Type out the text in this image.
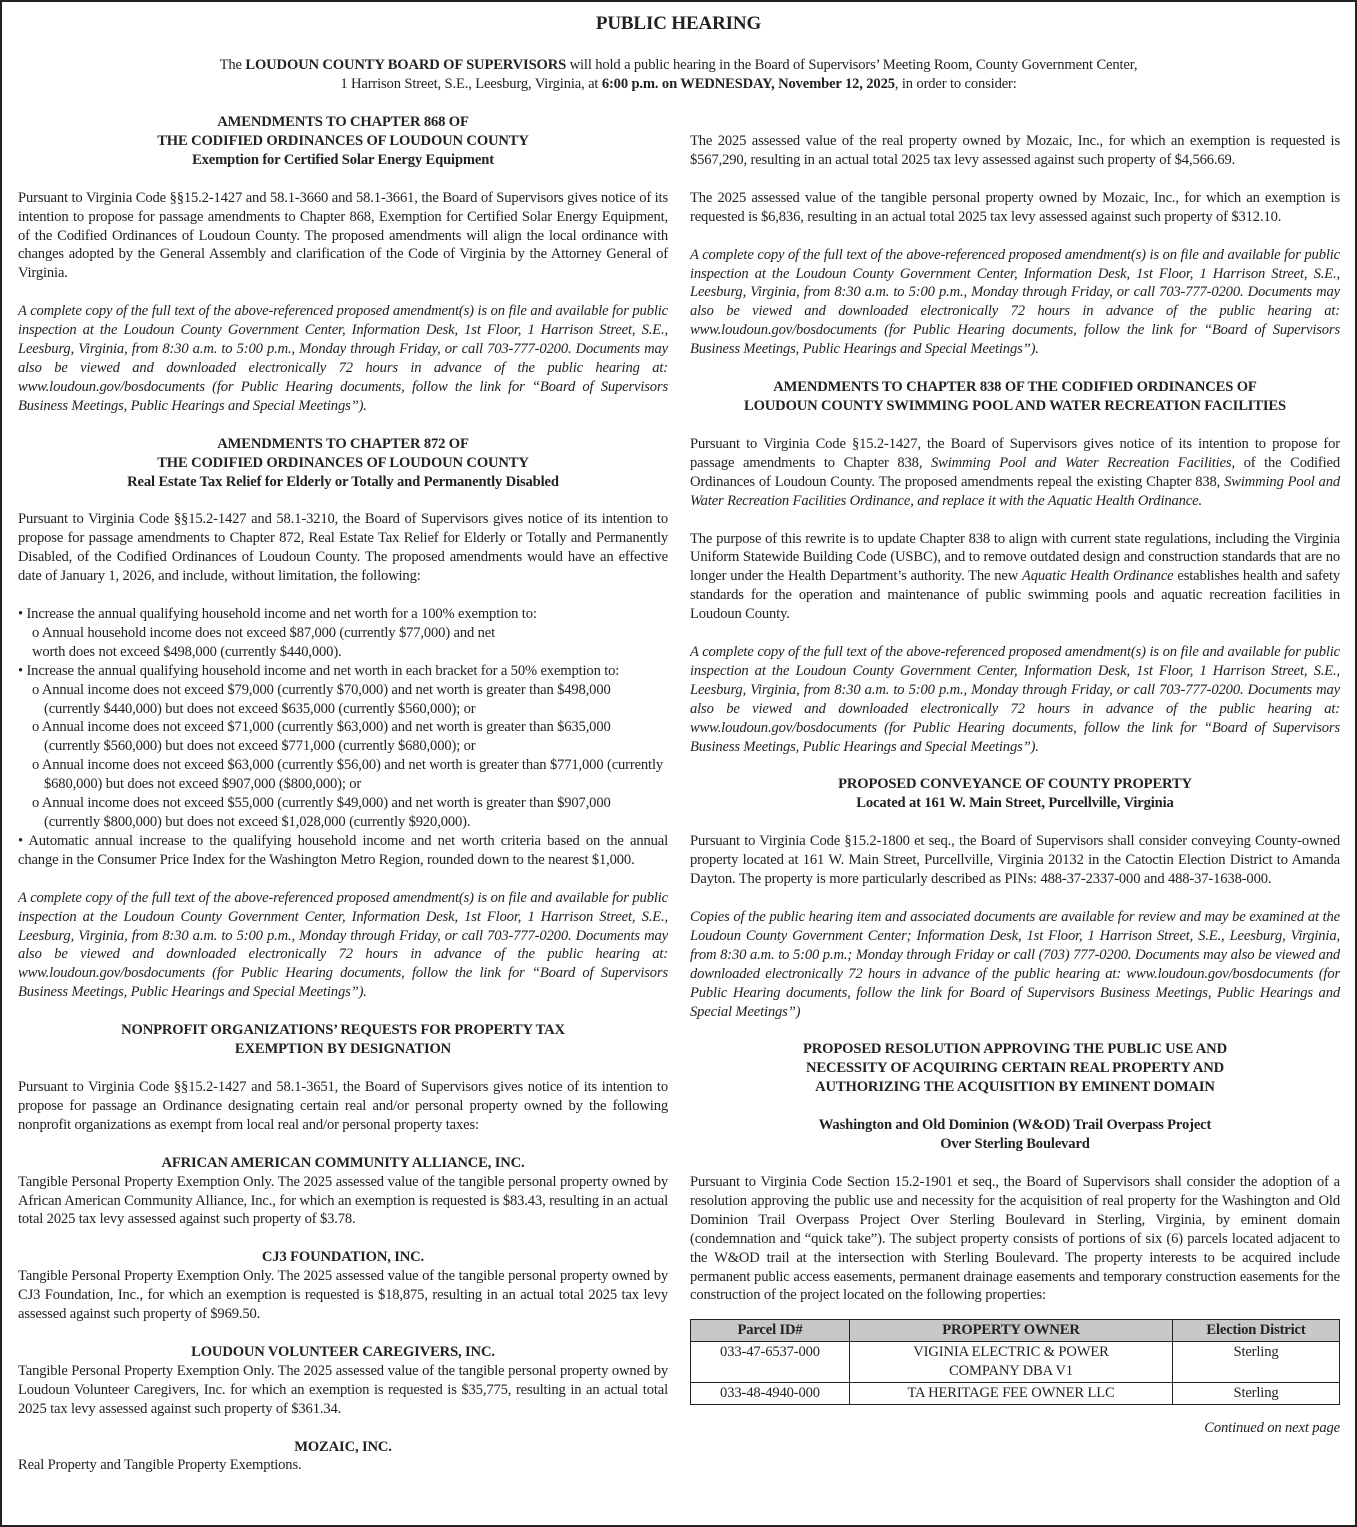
PUBLIC HEARING
The LOUDOUN COUNTY BOARD OF SUPERVISORS will hold a public hearing in the Board of Supervisors’ Meeting Room, County Government Center,
1 Harrison Street, S.E., Leesburg, Virginia, at 6:00 p.m. on WEDNESDAY, November 12, 2025, in order to consider:
AMENDMENTS TO CHAPTER 868 OF
THE CODIFIED ORDINANCES OF LOUDOUN COUNTY
Exemption for Certified Solar Energy Equipment

Pursuant to Virginia Code §§15.2-1427 and 58.1-3660 and 58.1-3661, the Board of Supervisors gives notice of its intention to propose for passage amendments to Chapter 868, Exemption for Certified Solar Energy Equipment, of the Codified Ordinances of Loudoun County. The proposed amendments will align the local ordinance with changes adopted by the General Assembly and clarification of the Code of Virginia by the Attorney General of Virginia.

A complete copy of the full text of the above-referenced proposed amendment(s) is on file and available for public inspection at the Loudoun County Government Center, Information Desk, 1st Floor, 1 Harrison Street, S.E., Leesburg, Virginia, from 8:30 a.m. to 5:00 p.m., Monday through Friday, or call 703-777-0200. Documents may also be viewed and downloaded electronically 72 hours in advance of the public hearing at: www.loudoun.gov/bosdocuments (for Public Hearing documents, follow the link for “Board of Supervisors Business Meetings, Public Hearings and Special Meetings”).

AMENDMENTS TO CHAPTER 872 OF
THE CODIFIED ORDINANCES OF LOUDOUN COUNTY
Real Estate Tax Relief for Elderly or Totally and Permanently Disabled

Pursuant to Virginia Code §§15.2-1427 and 58.1-3210, the Board of Supervisors gives notice of its intention to propose for passage amendments to Chapter 872, Real Estate Tax Relief for Elderly or Totally and Permanently Disabled, of the Codified Ordinances of Loudoun County. The proposed amendments would have an effective date of January 1, 2026, and include, without limitation, the following:

• Increase the annual qualifying household income and net worth for a 100% exemption to:
o Annual household income does not exceed $87,000 (currently $77,000) and net
worth does not exceed $498,000 (currently $440,000).
• Increase the annual qualifying household income and net worth in each bracket for a 50% exemption to:
o Annual income does not exceed $79,000 (currently $70,000) and net worth is greater than $498,000 (currently $440,000) but does not exceed $635,000 (currently $560,000); or
o Annual income does not exceed $71,000 (currently $63,000) and net worth is greater than $635,000 (currently $560,000) but does not exceed $771,000 (currently $680,000); or
o Annual income does not exceed $63,000 (currently $56,00) and net worth is greater than $771,000 (currently $680,000) but does not exceed $907,000 ($800,000); or
o Annual income does not exceed $55,000 (currently $49,000) and net worth is greater than $907,000 (currently $800,000) but does not exceed $1,028,000 (currently $920,000).

• Automatic annual increase to the qualifying household income and net worth criteria based on the annual change in the Consumer Price Index for the Washington Metro Region, rounded down to the nearest $1,000.

A complete copy of the full text of the above-referenced proposed amendment(s) is on file and available for public inspection at the Loudoun County Government Center, Information Desk, 1st Floor, 1 Harrison Street, S.E., Leesburg, Virginia, from 8:30 a.m. to 5:00 p.m., Monday through Friday, or call 703-777-0200. Documents may also be viewed and downloaded electronically 72 hours in advance of the public hearing at: www.loudoun.gov/bosdocuments (for Public Hearing documents, follow the link for “Board of Supervisors Business Meetings, Public Hearings and Special Meetings”).

NONPROFIT ORGANIZATIONS’ REQUESTS FOR PROPERTY TAX
EXEMPTION BY DESIGNATION

Pursuant to Virginia Code §§15.2-1427 and 58.1-3651, the Board of Supervisors gives notice of its intention to propose for passage an Ordinance designating certain real and/or personal property owned by the following nonprofit organizations as exempt from local real and/or personal property taxes:

AFRICAN AMERICAN COMMUNITY ALLIANCE, INC.
Tangible Personal Property Exemption Only. The 2025 assessed value of the tangible personal property owned by African American Community Alliance, Inc., for which an exemption is requested is $83.43, resulting in an actual total 2025 tax levy assessed against such property of $3.78.
CJ3 FOUNDATION, INC.
Tangible Personal Property Exemption Only. The 2025 assessed value of the tangible personal property owned by CJ3 Foundation, Inc., for which an exemption is requested is $18,875, resulting in an actual total 2025 tax levy assessed against such property of $969.50.
LOUDOUN VOLUNTEER CAREGIVERS, INC.
Tangible Personal Property Exemption Only. The 2025 assessed value of the tangible personal property owned by Loudoun Volunteer Caregivers, Inc. for which an exemption is requested is $35,775, resulting in an actual total 2025 tax levy assessed against such property of $361.34.
MOZAIC, INC.
Real Property and Tangible Property Exemptions.

The 2025 assessed value of the real property owned by Mozaic, Inc., for which an exemption is requested is $567,290, resulting in an actual total 2025 tax levy assessed against such property of $4,566.69.

The 2025 assessed value of the tangible personal property owned by Mozaic, Inc., for which an exemption is requested is $6,836, resulting in an actual total 2025 tax levy assessed against such property of $312.10.

A complete copy of the full text of the above-referenced proposed amendment(s) is on file and available for public inspection at the Loudoun County Government Center, Information Desk, 1st Floor, 1 Harrison Street, S.E., Leesburg, Virginia, from 8:30 a.m. to 5:00 p.m., Monday through Friday, or call 703-777-0200. Documents may also be viewed and downloaded electronically 72 hours in advance of the public hearing at: www.loudoun.gov/bosdocuments (for Public Hearing documents, follow the link for “Board of Supervisors Business Meetings, Public Hearings and Special Meetings”).

AMENDMENTS TO CHAPTER 838 OF THE CODIFIED ORDINANCES OF
LOUDOUN COUNTY SWIMMING POOL AND WATER RECREATION FACILITIES

Pursuant to Virginia Code §15.2-1427, the Board of Supervisors gives notice of its intention to propose for passage amendments to Chapter 838, Swimming Pool and Water Recreation Facilities, of the Codified Ordinances of Loudoun County. The proposed amendments repeal the existing Chapter 838, Swimming Pool and Water Recreation Facilities Ordinance, and replace it with the Aquatic Health Ordinance.

The purpose of this rewrite is to update Chapter 838 to align with current state regulations, including the Virginia Uniform Statewide Building Code (USBC), and to remove outdated design and construction standards that are no longer under the Health Department’s authority. The new Aquatic Health Ordinance establishes health and safety standards for the operation and maintenance of public swimming pools and aquatic recreation facilities in Loudoun County.

A complete copy of the full text of the above-referenced proposed amendment(s) is on file and available for public inspection at the Loudoun County Government Center, Information Desk, 1st Floor, 1 Harrison Street, S.E., Leesburg, Virginia, from 8:30 a.m. to 5:00 p.m., Monday through Friday, or call 703-777-0200. Documents may also be viewed and downloaded electronically 72 hours in advance of the public hearing at: www.loudoun.gov/bosdocuments (for Public Hearing documents, follow the link for “Board of Supervisors Business Meetings, Public Hearings and Special Meetings”).

PROPOSED CONVEYANCE OF COUNTY PROPERTY
Located at 161 W. Main Street, Purcellville, Virginia

Pursuant to Virginia Code §15.2-1800 et seq., the Board of Supervisors shall consider conveying County-owned property located at 161 W. Main Street, Purcellville, Virginia 20132 in the Catoctin Election District to Amanda Dayton. The property is more particularly described as PINs: 488-37-2337-000 and 488-37-1638-000.

Copies of the public hearing item and associated documents are available for review and may be examined at the Loudoun County Government Center; Information Desk, 1st Floor, 1 Harrison Street, S.E., Leesburg, Virginia, from 8:30 a.m. to 5:00 p.m.; Monday through Friday or call (703) 777-0200. Documents may also be viewed and downloaded electronically 72 hours in advance of the public hearing at: www.loudoun.gov/bosdocuments (for Public Hearing documents, follow the link for Board of Supervisors Business Meetings, Public Hearings and Special Meetings”)

PROPOSED RESOLUTION APPROVING THE PUBLIC USE AND
NECESSITY OF ACQUIRING CERTAIN REAL PROPERTY AND
AUTHORIZING THE ACQUISITION BY EMINENT DOMAIN
Washington and Old Dominion (W&OD) Trail Overpass Project
Over Sterling Boulevard

Pursuant to Virginia Code Section 15.2-1901 et seq., the Board of Supervisors shall consider the adoption of a resolution approving the public use and necessity for the acquisition of real property for the Washington and Old Dominion Trail Overpass Project Over Sterling Boulevard in Sterling, Virginia, by eminent domain (condemnation and “quick take”). The subject property consists of portions of six (6) parcels located adjacent to the W&OD trail at the intersection with Sterling Boulevard. The property interests to be acquired include permanent public access easements, permanent drainage easements and temporary construction easements for the construction of the project located on the following properties:

Parcel ID#	PROPERTY OWNER	Election District
033-47-6537-000	VIGINIA ELECTRIC & POWER COMPANY DBA V1	Sterling
033-48-4940-000	TA HERITAGE FEE OWNER LLC	Sterling
Continued on next page
